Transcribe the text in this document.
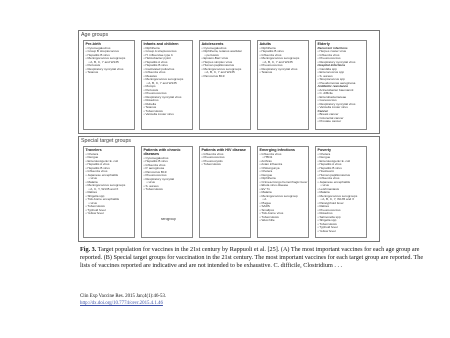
Age groups
Pre-birth
• Cytomegalovirus
• Group B streptococcus
• Hepatitis B virus
• Meningococcus serogroups
• A, B, C, Y and W135
• Pertussis
• Respiratory syncytial virus
• Tetanus
Infants and children
• Diphtheria
• Group A streptococcus
• H. influenzae type b
• Helicobacter pylori
• Hepatitis A virus
• Hepatitis B virus
• Inactivated poliovirus
• Influenza virus
• Measles
• Meningococcus serogroups
• A, B, C, Y and W135
• Mumps
• Pertussis
• Pneumococcus
• Respiratory syncytial virus
• Rotavirus
• Rubella
• Tetanus
• Tuberculosis
• Varicella zoster virus
Adolescents
• Cytomegalovirus
• Diphtheria, tetanus acellular
• pertussis
• Epstein-Barr virus
• Herpes simplex virus
• Human papillomavirus
• Meningococcus serogroups
• A, B, C, Y and W135
• Parvovirus B19
Adults
• Diphtheria
• Hepatitis B virus
• Influenza virus
• Meningococcus serogroups
• A, B, C, Y and W135
• Pneumococcus
• Respiratory syncytial virus
• Tetanus
Elderly
Recurrent infections
• Herpes zoster virus
• Influenza virus
• Pneumococcus
• Respiratory syncytial virus
Hospital infections
• Candida spp
• Enterococcus spp
• S. aureus
• Streptococcus spp
• Pseudomonas aeruginosa
Antibiotic resistance
• Acinetobacter baumannii
• C. difficile
• Enterobacteriaceae
• Gonococcus
• Respiratory syncytial virus
• Varicella zoster virus
Cancer
• Breast cancer
• Colorectal cancer
• Prostate cancer
Special target groups
Travelers
• Cholera
• Dengue
• Enterotoxigenic E. coli
• Hepatitis A virus
• Hepatitis B virus
• Influenza virus
• Japanese encephalitis
• virus
• Malaria
• Meningococcus serogroups
• A, C, Y, W135 and X
• Rabies
• Shigella spp
• Tick-borne encephalitis
• virus
• Tuberculosis
• Typhoid fever
• Yellow fever
Patients with chronic diseases
• Cytomegalovirus
• Hepatitis B virus
• Influenza virus
• P. aeruginosa
• Parvovirus B19
• Pneumococcus
• Respiratory syncytial
• virus
• S. aureus
• Tuberculosis
Patients with HIV disease
• Influenza virus
• Pneumococcus
• Pneumocystis
• Tuberculosis
Emerging infections
• Influenza virus
• H5N1
• Anthrax
• Avian influenza
• Chikungunya
• Cholera
• Dengue
• Diphtheria
• Crimea-Congo hemorrhagic fever
• Ebola virus disease
• EV 71
• Malaria
• Meningococcus serogroup
• A
• Plague
• SARS
• Smallpox
• Tick-borne virus
• Tuberculosis
• West Nile
Poverty
• Cholera
• Dengue
• Enterotoxigenic E. coli
• Hepatitis A virus
• Hepatitis B virus
• Hookworm
• Human papillomavirus
• Influenza virus
• Japanese encephalitis
• virus
• Leishmaniasis
• Malaria
• Meningococcus serogroups
• A, B, C, Y, W135 and X
• Paratyphoid fever
• Rabies
• Pneumococcus
• Rotavirus
• Salmonella spp
• Shigella spp
• Tuberculosis
• Typhoid fever
• Yellow fever
serogroup
Fig. 3. Target population for vaccines in the 21st century by Rappuoli et al. [25]. (A) The most important vaccines for each age group are reported. (B) Special target groups for vaccination in the 21st century. The most important vaccines for each target group are reported. The lists of vaccines reported are indicative and are not intended to be exhaustive. C. difficile, Clostridium . . .
Clin Exp Vaccine Res. 2015 Jan;4(1):46-53.
http://dx.doi.org/10.7774/cevr.2015.4.1.46
